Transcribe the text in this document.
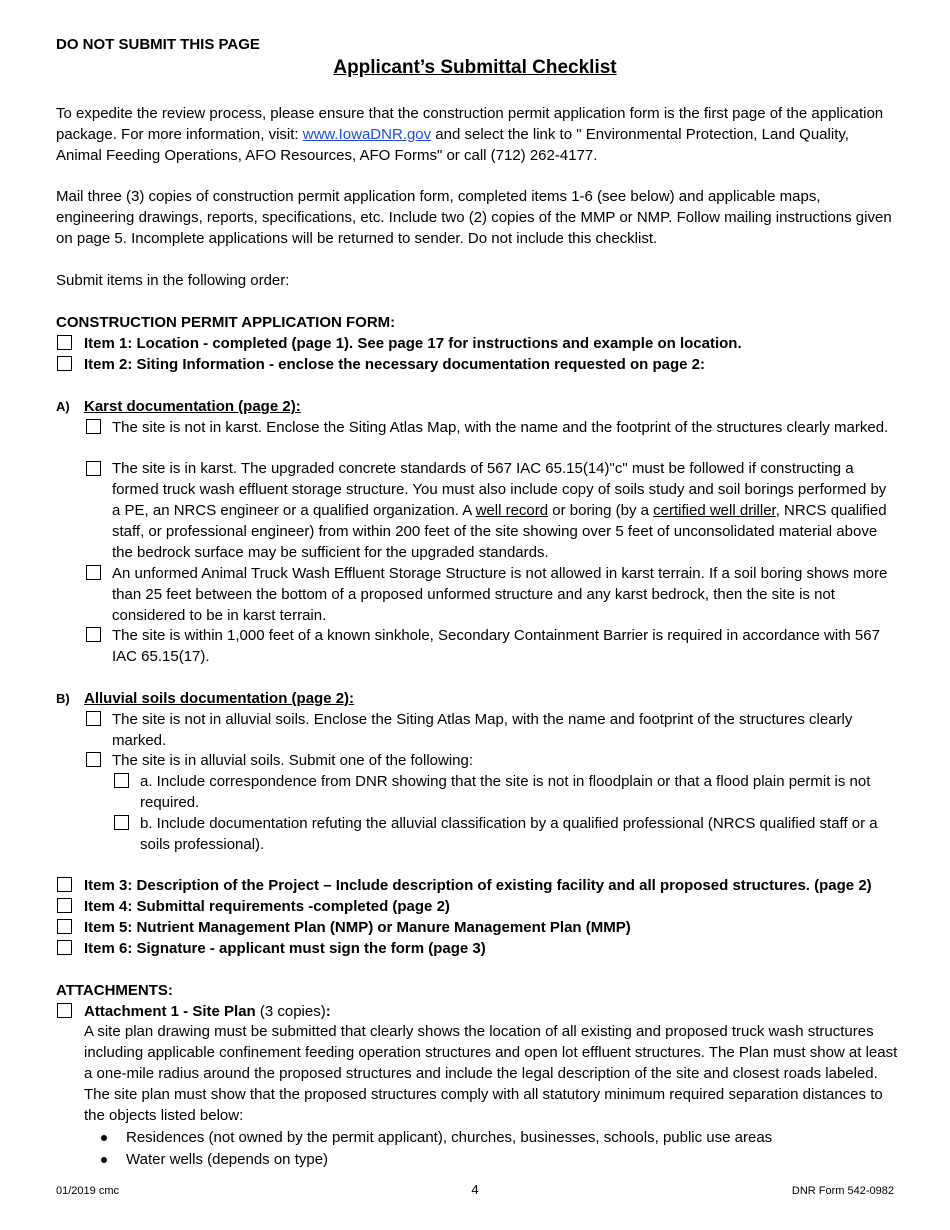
DO NOT SUBMIT THIS PAGE
Applicant’s Submittal Checklist
To expedite the review process, please ensure that the construction permit application form is the first page of the application package. For more information, visit: www.IowaDNR.gov and select the link to " Environmental Protection, Land Quality, Animal Feeding Operations, AFO Resources, AFO Forms" or call (712) 262-4177.
Mail three (3) copies of construction permit application form, completed items 1-6 (see below) and applicable maps, engineering drawings, reports, specifications, etc. Include two (2) copies of the MMP or NMP. Follow mailing instructions given on page 5. Incomplete applications will be returned to sender. Do not include this checklist.
Submit items in the following order:
CONSTRUCTION PERMIT APPLICATION FORM:
Item 1: Location - completed (page 1). See page 17 for instructions and example on location.
Item 2: Siting Information - enclose the necessary documentation requested on page 2:
A) Karst documentation (page 2):
The site is not in karst. Enclose the Siting Atlas Map, with the name and the footprint of the structures clearly marked.
The site is in karst. The upgraded concrete standards of 567 IAC 65.15(14)"c" must be followed if constructing a formed truck wash effluent storage structure. You must also include copy of soils study and soil borings performed by a PE, an NRCS engineer or a qualified organization. A well record or boring (by a certified well driller, NRCS qualified staff, or professional engineer) from within 200 feet of the site showing over 5 feet of unconsolidated material above the bedrock surface may be sufficient for the upgraded standards.
An unformed Animal Truck Wash Effluent Storage Structure is not allowed in karst terrain. If a soil boring shows more than 25 feet between the bottom of a proposed unformed structure and any karst bedrock, then the site is not considered to be in karst terrain.
The site is within 1,000 feet of a known sinkhole, Secondary Containment Barrier is required in accordance with 567 IAC 65.15(17).
B) Alluvial soils documentation (page 2):
The site is not in alluvial soils. Enclose the Siting Atlas Map, with the name and footprint of the structures clearly marked.
The site is in alluvial soils. Submit one of the following:
a. Include correspondence from DNR showing that the site is not in floodplain or that a flood plain permit is not required.
b. Include documentation refuting the alluvial classification by a qualified professional (NRCS qualified staff or a soils professional).
Item 3: Description of the Project – Include description of existing facility and all proposed structures. (page 2)
Item 4: Submittal requirements -completed (page 2)
Item 5: Nutrient Management Plan (NMP) or Manure Management Plan (MMP)
Item 6: Signature - applicant must sign the form (page 3)
ATTACHMENTS:
Attachment 1 - Site Plan (3 copies):
A site plan drawing must be submitted that clearly shows the location of all existing and proposed truck wash structures including applicable confinement feeding operation structures and open lot effluent structures. The Plan must show at least a one-mile radius around the proposed structures and include the legal description of the site and closest roads labeled. The site plan must show that the proposed structures comply with all statutory minimum required separation distances to the objects listed below:
Residences (not owned by the permit applicant), churches, businesses, schools, public use areas
Water wells (depends on type)
01/2019 cmc	4	DNR Form 542-0982
